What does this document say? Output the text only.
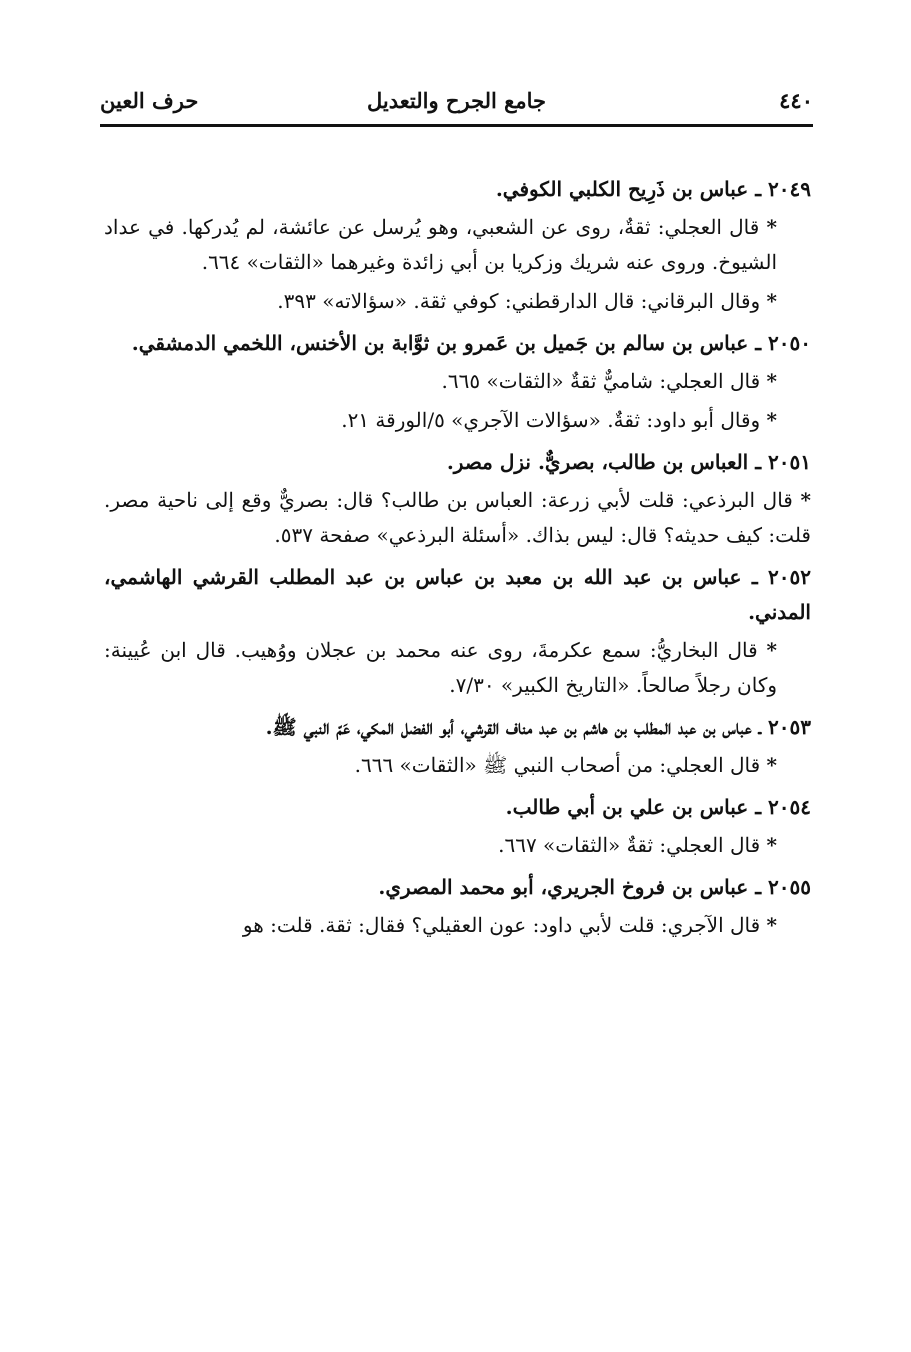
٤٤٠
جامع الجرح والتعديل
حرف العين
٢٠٤٩ ـ عباس بن ذَرِيح الكلبي الكوفي.
* قال العجلي: ثقةٌ، روى عن الشعبي، وهو يُرسل عن عائشة، لم يُدركها. في عداد الشيوخ. وروى عنه شريك وزكريا بن أبي زائدة وغيرهما «الثقات» ٦٦٤.
* وقال البرقاني: قال الدارقطني: كوفي ثقة. «سؤالاته» ٣٩٣.
٢٠٥٠ ـ عباس بن سالم بن جَميل بن عَمرو بن ثوَّابة بن الأخنس، اللخمي الدمشقي.
* قال العجلي: شاميٌّ ثقةٌ «الثقات» ٦٦٥.
* وقال أبو داود: ثقةٌ. «سؤالات الآجري» ٥/الورقة ٢١.
٢٠٥١ ـ العباس بن طالب، بصريٌّ. نزل مصر.
* قال البرذعي: قلت لأبي زرعة: العباس بن طالب؟ قال: بصريٌّ وقع إلى ناحية مصر. قلت: كيف حديثه؟ قال: ليس بذاك. «أسئلة البرذعي» صفحة ٥٣٧.
٢٠٥٢ ـ عباس بن عبد الله بن معبد بن عباس بن عبد المطلب القرشي الهاشمي، المدني.
* قال البخاريُّ: سمع عكرمةَ، روى عنه محمد بن عجلان ووُهيب. قال ابن عُيينة: وكان رجلاً صالحاً. «التاريخ الكبير» ٧/٣٠.
٢٠٥٣ ـ عباس بن عبد المطلب بن هاشم بن عبد مناف القرشي، أبو الفضل المكي، عَمّ النبي ﷺ.
* قال العجلي: من أصحاب النبي ﷺ «الثقات» ٦٦٦.
٢٠٥٤ ـ عباس بن علي بن أبي طالب.
* قال العجلي: ثقةٌ «الثقات» ٦٦٧.
٢٠٥٥ ـ عباس بن فروخ الجريري، أبو محمد المصري.
* قال الآجري: قلت لأبي داود: عون العقيلي؟ فقال: ثقة. قلت: هو
